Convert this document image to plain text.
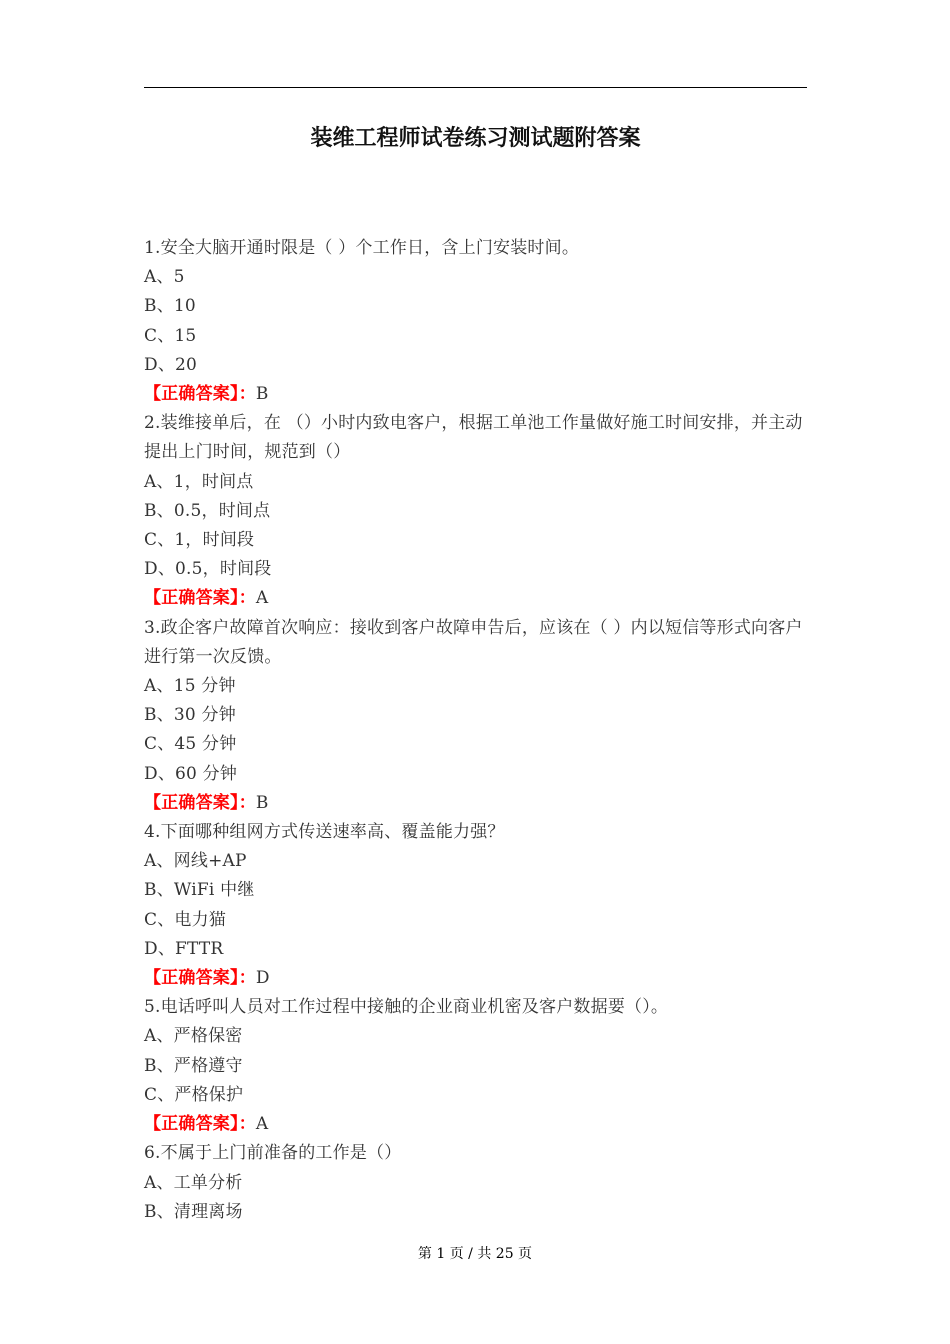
装维工程师试卷练习测试题附答案
1.安全大脑开通时限是（ ）个工作日，含上门安装时间。
A、5
B、10
C、15
D、20
【正确答案】：B
2.装维接单后，在 （）小时内致电客户，根据工单池工作量做好施工时间安排，并主动提出上门时间，规范到（）
A、1，时间点
B、0.5，时间点
C、1，时间段
D、0.5，时间段
【正确答案】：A
3.政企客户故障首次响应：接收到客户故障申告后，应该在（ ）内以短信等形式向客户进行第一次反馈。
A、15 分钟
B、30 分钟
C、45 分钟
D、60 分钟
【正确答案】：B
4.下面哪种组网方式传送速率高、覆盖能力强？
A、网线+AP
B、WiFi 中继
C、电力猫
D、FTTR
【正确答案】：D
5.电话呼叫人员对工作过程中接触的企业商业机密及客户数据要（）。
A、严格保密
B、严格遵守
C、严格保护
【正确答案】：A
6.不属于上门前准备的工作是（）
A、工单分析
B、清理离场
第 1 页 / 共 25 页
